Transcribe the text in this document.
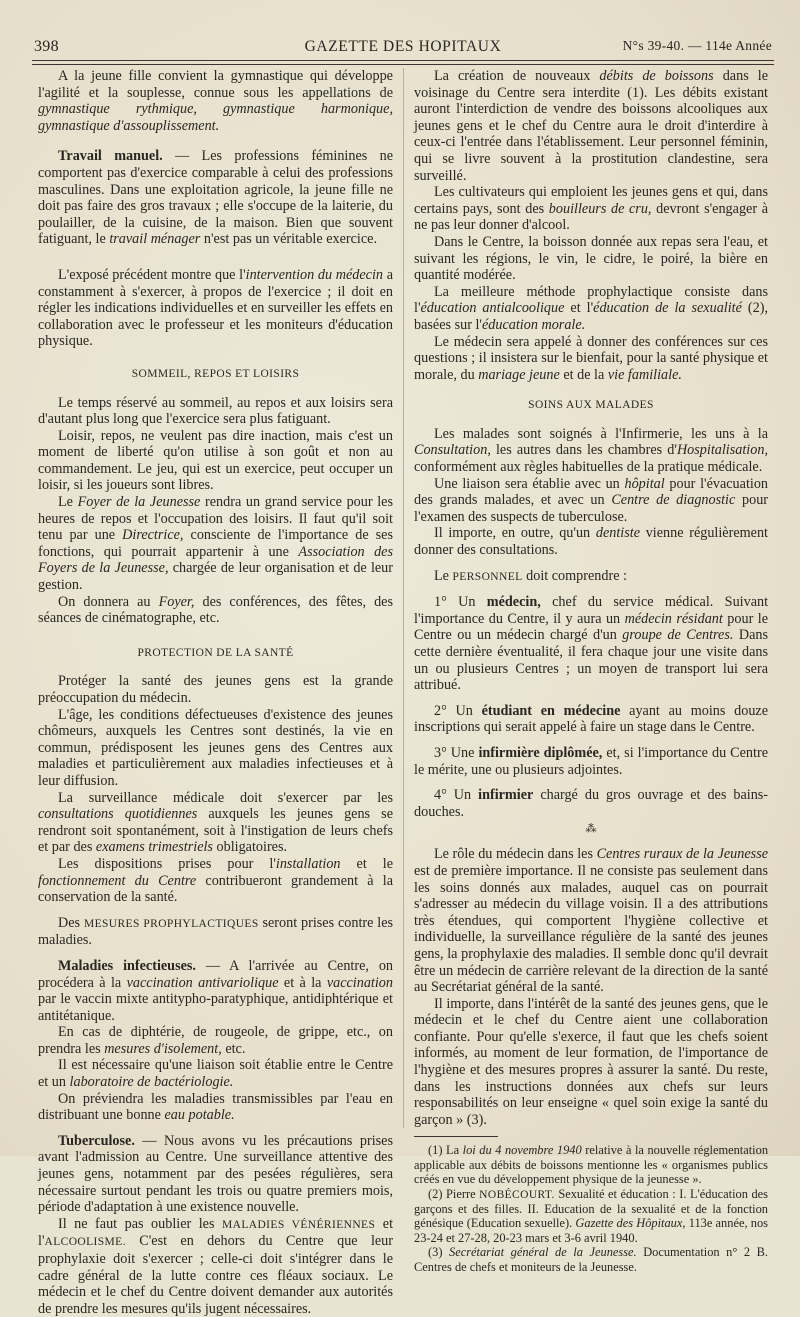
398	GAZETTE DES HOPITAUX	N°s 39-40. — 114e Année

A la jeune fille convient la gymnastique qui développe l'agilité et la souplesse, connue sous les appellations de gymnastique rythmique, gymnastique harmonique, gymnastique d'assouplissement.

Travail manuel. — Les professions féminines ne comportent pas d'exercice comparable à celui des professions masculines. Dans une exploitation agricole, la jeune fille ne doit pas faire des gros travaux ; elle s'occupe de la laiterie, du poulailler, de la cuisine, de la maison. Bien que souvent fatiguant, le travail ménager n'est pas un véritable exercice.

L'exposé précédent montre que l'intervention du médecin a constamment à s'exercer, à propos de l'exercice ; il doit en régler les indications individuelles et en surveiller les effets en collaboration avec le professeur et les moniteurs d'éducation physique.

SOMMEIL, REPOS ET LOISIRS

Le temps réservé au sommeil, au repos et aux loisirs sera d'autant plus long que l'exercice sera plus fatiguant.

Loisir, repos, ne veulent pas dire inaction, mais c'est un moment de liberté qu'on utilise à son goût et non au commandement. Le jeu, qui est un exercice, peut occuper un loisir, si les joueurs sont libres.

Le Foyer de la Jeunesse rendra un grand service pour les heures de repos et l'occupation des loisirs. Il faut qu'il soit tenu par une Directrice, consciente de l'importance de ses fonctions, qui pourrait appartenir à une Association des Foyers de la Jeunesse, chargée de leur organisation et de leur gestion.

On donnera au Foyer, des conférences, des fêtes, des séances de cinématographe, etc.

PROTECTION DE LA SANTÉ

Protéger la santé des jeunes gens est la grande préoccupation du médecin.

L'âge, les conditions défectueuses d'existence des jeunes chômeurs, auxquels les Centres sont destinés, la vie en commun, prédisposent les jeunes gens des Centres aux maladies et particulièrement aux maladies infectieuses et à leur diffusion.

La surveillance médicale doit s'exercer par les consultations quotidiennes auxquels les jeunes gens se rendront soit spontanément, soit à l'instigation de leurs chefs et par des examens trimestriels obligatoires.

Les dispositions prises pour l'installation et le fonctionnement du Centre contribueront grandement à la conservation de la santé.

Des MESURES PROPHYLACTIQUES seront prises contre les maladies.

Maladies infectieuses. — A l'arrivée au Centre, on procédera à la vaccination antivariolique et à la vaccination par le vaccin mixte antitypho-paratyphique, antidiphtérique et antitétanique.

En cas de diphtérie, de rougeole, de grippe, etc., on prendra les mesures d'isolement, etc.

Il est nécessaire qu'une liaison soit établie entre le Centre et un laboratoire de bactériologie.

On préviendra les maladies transmissibles par l'eau en distribuant une bonne eau potable.

Tuberculose. — Nous avons vu les précautions prises avant l'admission au Centre. Une surveillance attentive des jeunes gens, notamment par des pesées régulières, sera nécessaire surtout pendant les trois ou quatre premiers mois, période d'adaptation à une existence nouvelle.

Il ne faut pas oublier les MALADIES VÉNÉRIENNES et l'ALCOOLISME. C'est en dehors du Centre que leur prophylaxie doit s'exercer ; celle-ci doit s'intégrer dans le cadre général de la lutte contre ces fléaux sociaux. Le médecin et le chef du Centre doivent demander aux autorités de prendre les mesures qu'ils jugent nécessaires.

La création de nouveaux débits de boissons dans le voisinage du Centre sera interdite (1). Les débits existant auront l'interdiction de vendre des boissons alcooliques aux jeunes gens et le chef du Centre aura le droit d'interdire à ceux-ci l'entrée dans l'établissement. Leur personnel féminin, qui se livre souvent à la prostitution clandestine, sera surveillé.

Les cultivateurs qui emploient les jeunes gens et qui, dans certains pays, sont des bouilleurs de cru, devront s'engager à ne pas leur donner d'alcool.

Dans le Centre, la boisson donnée aux repas sera l'eau, et suivant les régions, le vin, le cidre, le poiré, la bière en quantité modérée.

La meilleure méthode prophylactique consiste dans l'éducation antialcoolique et l'éducation de la sexualité (2), basées sur l'éducation morale.

Le médecin sera appelé à donner des conférences sur ces questions ; il insistera sur le bienfait, pour la santé physique et morale, du mariage jeune et de la vie familiale.

SOINS AUX MALADES

Les malades sont soignés à l'Infirmerie, les uns à la Consultation, les autres dans les chambres d'Hospitalisation, conformément aux règles habituelles de la pratique médicale.

Une liaison sera établie avec un hôpital pour l'évacuation des grands malades, et avec un Centre de diagnostic pour l'examen des suspects de tuberculose.

Il importe, en outre, qu'un dentiste vienne régulièrement donner des consultations.

Le PERSONNEL doit comprendre :

1° Un médecin, chef du service médical. Suivant l'importance du Centre, il y aura un médecin résidant pour le Centre ou un médecin chargé d'un groupe de Centres. Dans cette dernière éventualité, il fera chaque jour une visite dans un ou plusieurs Centres ; un moyen de transport lui sera attribué.

2° Un étudiant en médecine ayant au moins douze inscriptions qui serait appelé à faire un stage dans le Centre.

3° Une infirmière diplômée, et, si l'importance du Centre le mérite, une ou plusieurs adjointes.

4° Un infirmier chargé du gros ouvrage et des bains-douches.

⁂

Le rôle du médecin dans les Centres ruraux de la Jeunesse est de première importance. Il ne consiste pas seulement dans les soins donnés aux malades, auquel cas on pourrait s'adresser au médecin du village voisin. Il a des attributions très étendues, qui comportent l'hygiène collective et individuelle, la surveillance régulière de la santé des jeunes gens, la prophylaxie des maladies. Il semble donc qu'il devrait être un médecin de carrière relevant de la direction de la santé au Secrétariat général de la santé.

Il importe, dans l'intérêt de la santé des jeunes gens, que le médecin et le chef du Centre aient une collaboration confiante. Pour qu'elle s'exerce, il faut que les chefs soient informés, au moment de leur formation, de l'importance de l'hygiène et des mesures propres à assurer la santé. Du reste, dans les instructions données aux chefs sur leurs responsabilités on leur enseigne « quel soin exige la santé du garçon » (3).

(1) La loi du 4 novembre 1940 relative à la nouvelle réglementation applicable aux débits de boissons mentionne les « organismes publics créés en vue du développement physique de la jeunesse ».

(2) Pierre NOBÉCOURT. Sexualité et éducation : I. L'éducation des garçons et des filles. II. Education de la sexualité et de la fonction génésique (Education sexuelle). Gazette des Hôpitaux, 113e année, nos 23-24 et 27-28, 20-23 mars et 3-6 avril 1940.

(3) Secrétariat général de la Jeunesse. Documentation n° 2 B. Centres de chefs et moniteurs de la Jeunesse.
